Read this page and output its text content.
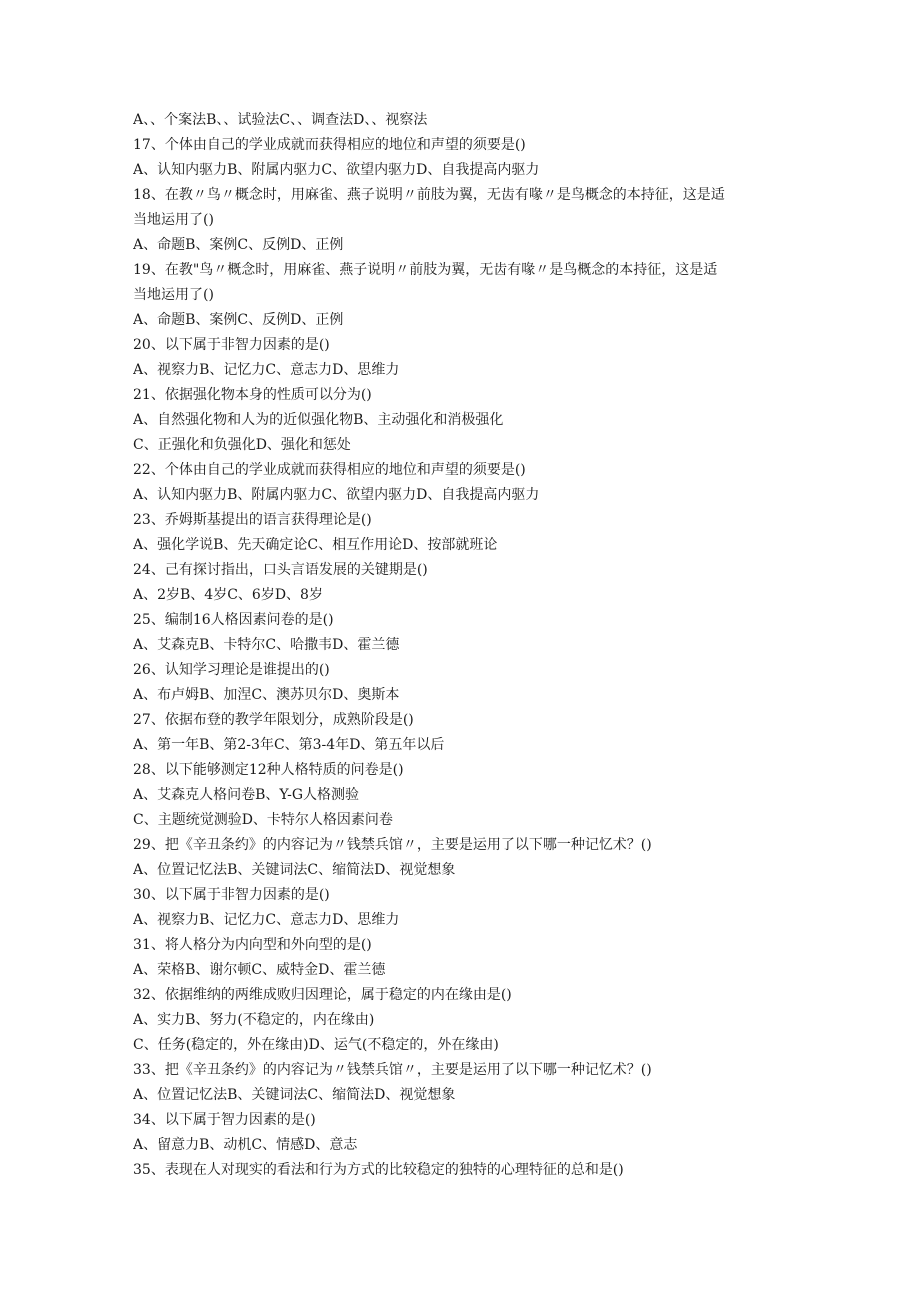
A、、个案法B、、试验法C、、调查法D、、视察法
17、个体由自己的学业成就而获得相应的地位和声望的须要是()
A、认知内驱力B、附属内驱力C、欲望内驱力D、自我提高内驱力
18、在教〃鸟〃概念时，用麻雀、燕子说明〃前肢为翼，无齿有喙〃是鸟概念的本持征，这是适
当地运用了()
A、命题B、案例C、反例D、正例
19、在教"鸟〃概念时，用麻雀、燕子说明〃前肢为翼，无齿有喙〃是鸟概念的本持征，这是适
当地运用了()
A、命题B、案例C、反例D、正例
20、以下属于非智力因素的是()
A、视察力B、记忆力C、意志力D、思维力
21、依据强化物本身的性质可以分为()
A、自然强化物和人为的近似强化物B、主动强化和消极强化
C、正强化和负强化D、强化和惩处
22、个体由自己的学业成就而获得相应的地位和声望的须要是()
A、认知内驱力B、附属内驱力C、欲望内驱力D、自我提高内驱力
23、乔姆斯基提出的语言获得理论是()
A、强化学说B、先天确定论C、相互作用论D、按部就班论
24、己有探讨指出，口头言语发展的关键期是()
A、2岁B、4岁C、6岁D、8岁
25、编制16人格因素问卷的是()
A、艾森克B、卡特尔C、哈撒韦D、霍兰德
26、认知学习理论是谁提出的()
A、布卢姆B、加涅C、澳苏贝尔D、奥斯本
27、依据布登的教学年限划分，成熟阶段是()
A、第一年B、第2-3年C、第3-4年D、第五年以后
28、以下能够测定12种人格特质的问卷是()
A、艾森克人格问卷B、Y-G人格测验
C、主题统觉测验D、卡特尔人格因素问卷
29、把《辛丑条约》的内容记为〃钱禁兵馆〃，主要是运用了以下哪一种记忆术？()
A、位置记忆法B、关键词法C、缩简法D、视觉想象
30、以下属于非智力因素的是()
A、视察力B、记忆力C、意志力D、思维力
31、将人格分为内向型和外向型的是()
A、荣格B、谢尔顿C、威特金D、霍兰德
32、依据维纳的两维成败归因理论，属于稳定的内在缘由是()
A、实力B、努力(不稳定的，内在缘由)
C、任务(稳定的，外在缘由)D、运气(不稳定的，外在缘由)
33、把《辛丑条约》的内容记为〃钱禁兵馆〃，主要是运用了以下哪一种记忆术？()
A、位置记忆法B、关键词法C、缩简法D、视觉想象
34、以下属于智力因素的是()
A、留意力B、动机C、情感D、意志
35、表现在人对现实的看法和行为方式的比较稳定的独特的心理特征的总和是()
